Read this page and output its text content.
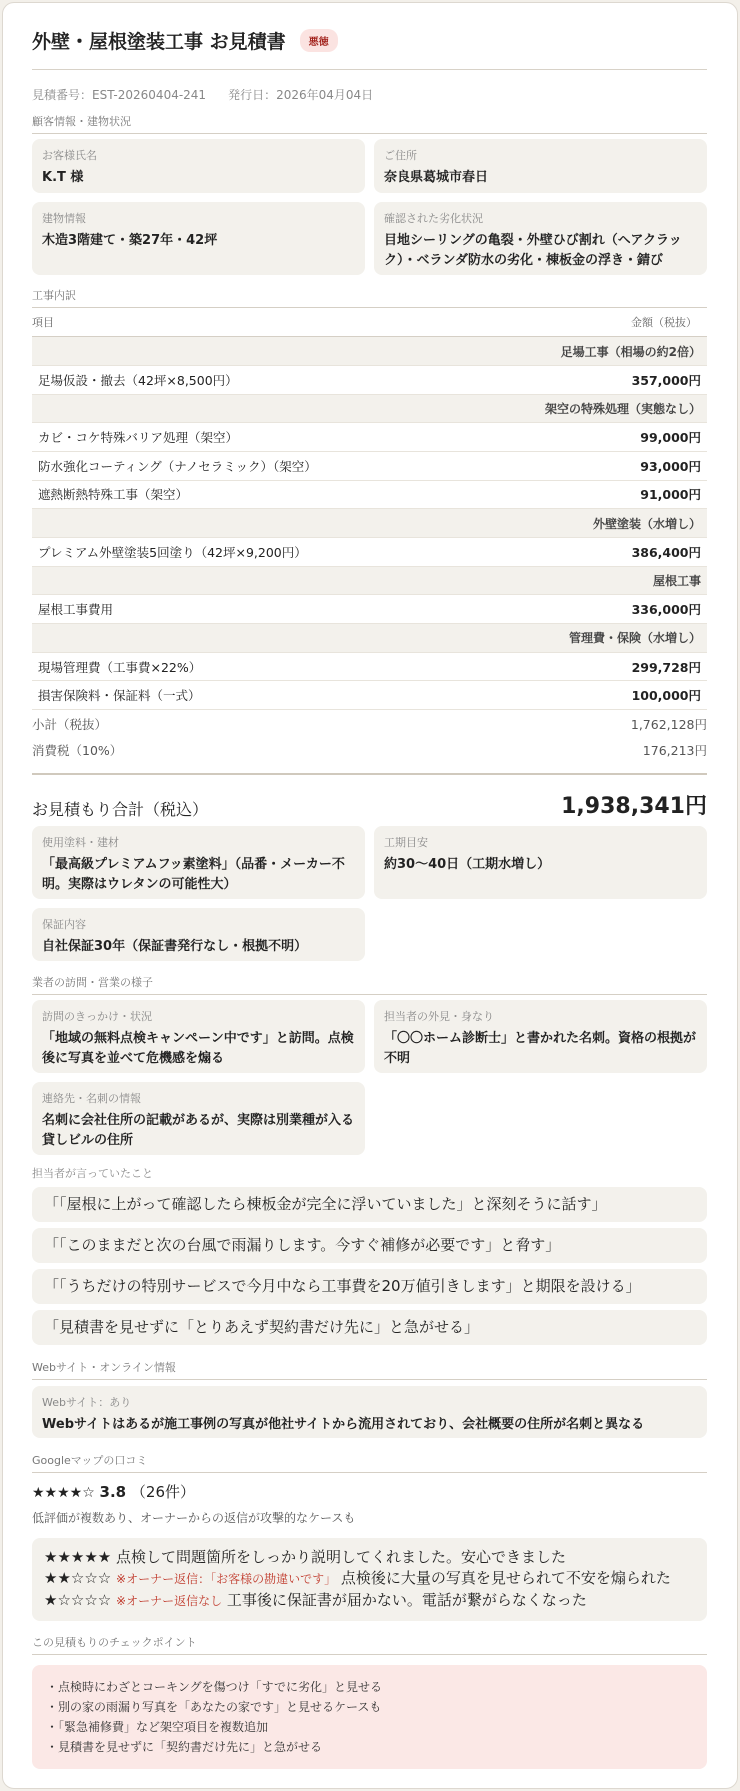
外壁・屋根塗装工事 お見積書	悪徳
見積番号：EST-20260404-241 発行日：2026年04月04日
顧客情報・建物状況
お客様氏名
K.T 様
ご住所
奈良県葛城市春日
建物情報
木造3階建て・築27年・42坪
確認された劣化状況
目地シーリングの亀裂・外壁ひび割れ（ヘアクラック）・ベランダ防水の劣化・棟板金の浮き・錆び
工事内訳
項目	金額（税抜）
足場工事（相場の約2倍）	
足場仮設・撤去（42坪×8,500円）	357,000円
架空の特殊処理（実態なし）	
カビ・コケ特殊バリア処理（架空）	99,000円
防水強化コーティング（ナノセラミック）（架空）	93,000円
遮熱断熱特殊工事（架空）	91,000円
外壁塗装（水増し）	
プレミアム外壁塗装5回塗り（42坪×9,200円）	386,400円
屋根工事	
屋根工事費用	336,000円
管理費・保険（水増し）	
現場管理費（工事費×22%）	299,728円
損害保険料・保証料（一式）	100,000円
小計（税抜）	1,762,128円
消費税（10%）	176,213円
お見積もり合計（税込）	1,938,341円
使用塗料・建材
「最高級プレミアムフッ素塗料」（品番・メーカー不明。実際はウレタンの可能性大）
工期目安
約30〜40日（工期水増し）
保証内容
自社保証30年（保証書発行なし・根拠不明）
業者の訪問・営業の様子
訪問のきっかけ・状況
「地域の無料点検キャンペーン中です」と訪問。点検後に写真を並べて危機感を煽る
担当者の外見・身なり
「〇〇ホーム診断士」と書かれた名刺。資格の根拠が不明
連絡先・名刺の情報
名刺に会社住所の記載があるが、実際は別業種が入る貸しビルの住所
担当者が言っていたこと
「「屋根に上がって確認したら棟板金が完全に浮いていました」と深刻そうに話す」
「「このままだと次の台風で雨漏りします。今すぐ補修が必要です」と脅す」
「「うちだけの特別サービスで今月中なら工事費を20万値引きします」と期限を設ける」
「見積書を見せずに「とりあえず契約書だけ先に」と急がせる」
Webサイト・オンライン情報
Webサイト：あり
Webサイトはあるが施工事例の写真が他社サイトから流用されており、会社概要の住所が名刺と異なる
Googleマップの口コミ
★★★★☆ 3.8 （26件）
低評価が複数あり、オーナーからの返信が攻撃的なケースも
★★★★★ 点検して問題箇所をしっかり説明してくれました。安心できました
★★☆☆☆ ※オーナー返信：「お客様の勘違いです」 点検後に大量の写真を見せられて不安を煽られた
★☆☆☆☆ ※オーナー返信なし 工事後に保証書が届かない。電話が繋がらなくなった
この見積もりのチェックポイント
・点検時にわざとコーキングを傷つけ「すでに劣化」と見せる
・別の家の雨漏り写真を「あなたの家です」と見せるケースも
・「緊急補修費」など架空項目を複数追加
・見積書を見せずに「契約書だけ先に」と急がせる
